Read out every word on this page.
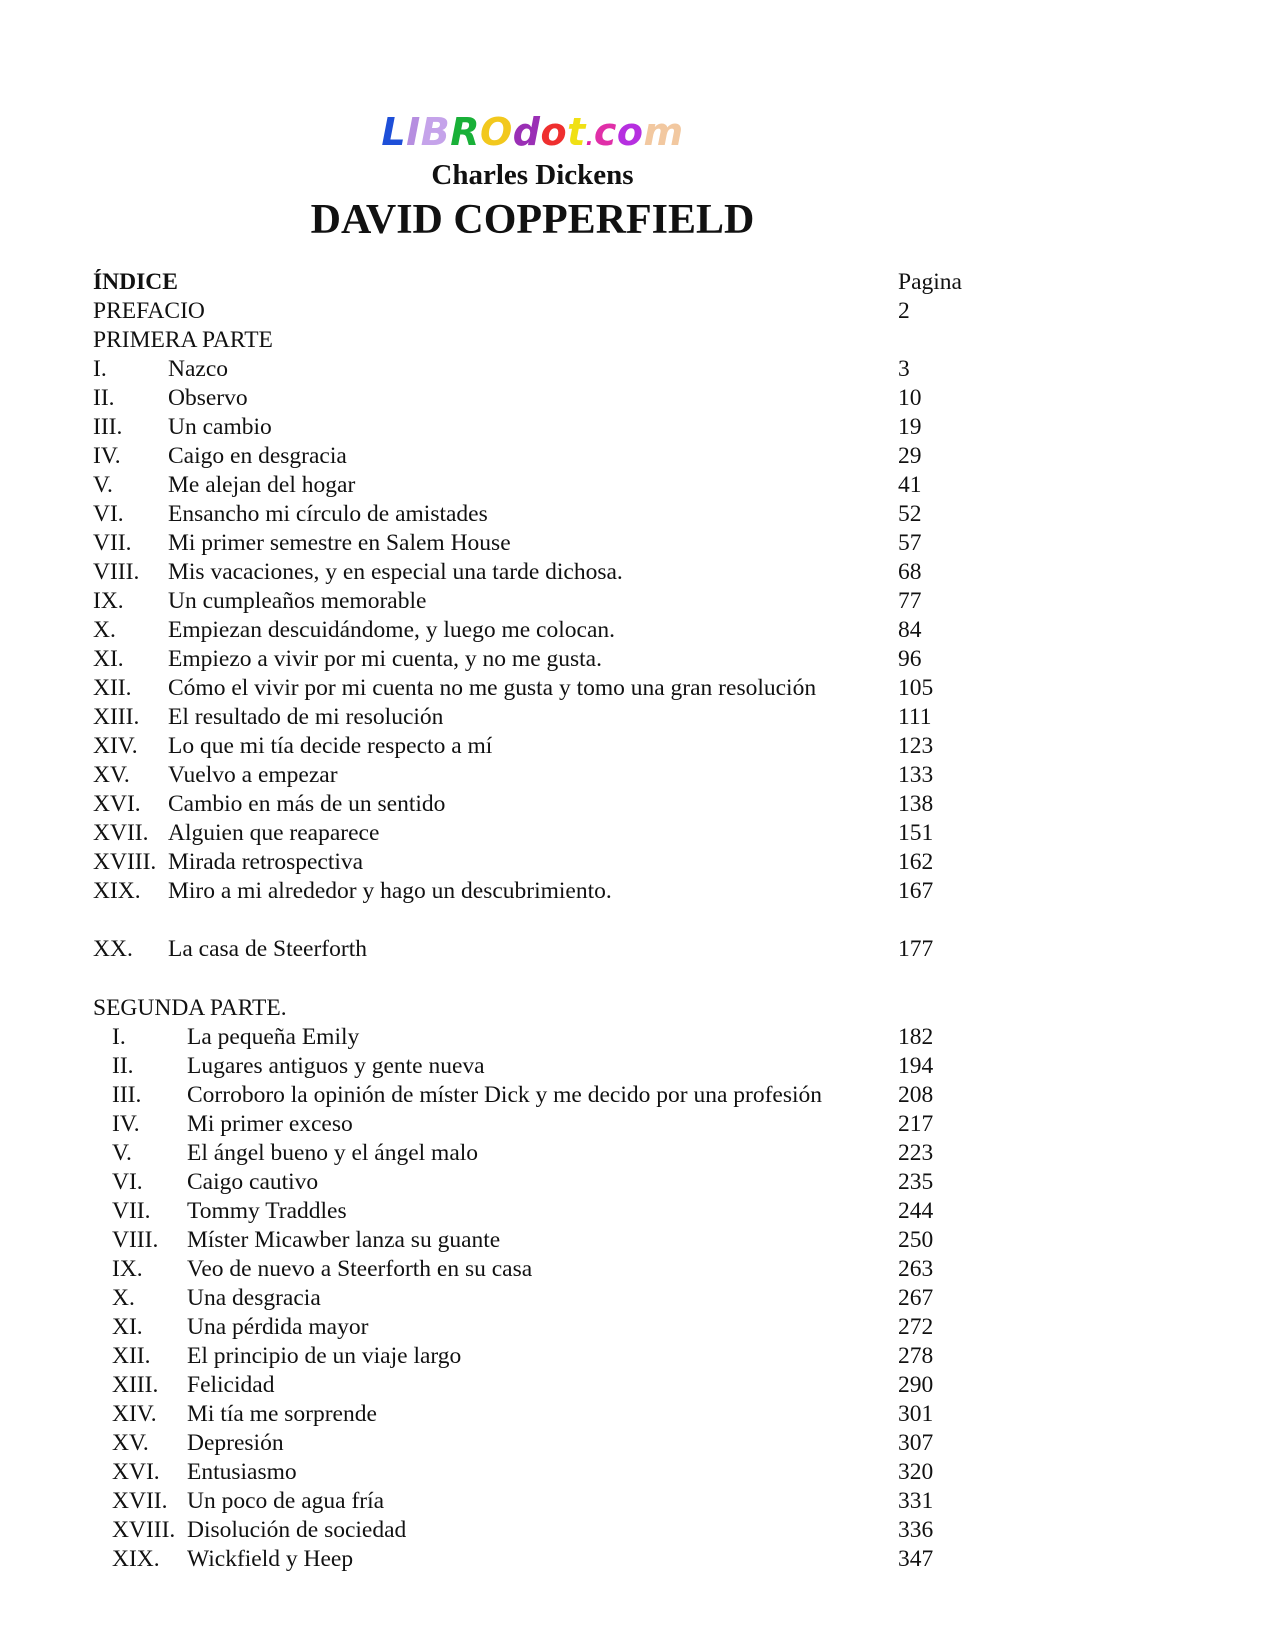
LIBROdot.com
Charles Dickens
DAVID COPPERFIELD
ÍNDICE	Pagina
PREFACIO	2
PRIMERA PARTE
I.	Nazco	3
II. Observo	10
III. Un cambio	19
IV. Caigo en desgracia	29
V. Me alejan del hogar	41
VI. Ensancho mi círculo de amistades	52
VII. Mi primer semestre en Salem House	57
VIII. Mis vacaciones, y en especial una tarde dichosa.	68
IX. Un cumpleaños memorable	77
X. Empiezan descuidándome, y luego me colocan.	84
XI. Empiezo a vivir por mi cuenta, y no me gusta.	96
XII. Cómo el vivir por mi cuenta no me gusta y tomo una gran resolución	105
XIII. El resultado de mi resolución	111
XIV. Lo que mi tía decide respecto a mí	123
XV. Vuelvo a empezar	133
XVI. Cambio en más de un sentido	138
XVII. Alguien que reaparece	151
XVIII. Mirada retrospectiva	162
XIX. Miro a mi alrededor y hago un descubrimiento.	167
XX. La casa de Steerforth	177
SEGUNDA PARTE.
I.	La pequeña Emily	182
II. Lugares antiguos y gente nueva	194
III. Corroboro la opinión de míster Dick y me decido por una profesión	208
IV. Mi primer exceso	217
V. El ángel bueno y el ángel malo	223
VI. Caigo cautivo	235
VII. Tommy Traddles	244
VIII. Míster Micawber lanza su guante	250
IX. Veo de nuevo a Steerforth en su casa	263
X. Una desgracia	267
XI. Una pérdida mayor	272
XII. El principio de un viaje largo	278
XIII. Felicidad	290
XIV. Mi tía me sorprende	301
XV. Depresión	307
XVI. Entusiasmo	320
XVII. Un poco de agua fría	331
XVIII. Disolución de sociedad	336
XIX. Wickfield y Heep	347
